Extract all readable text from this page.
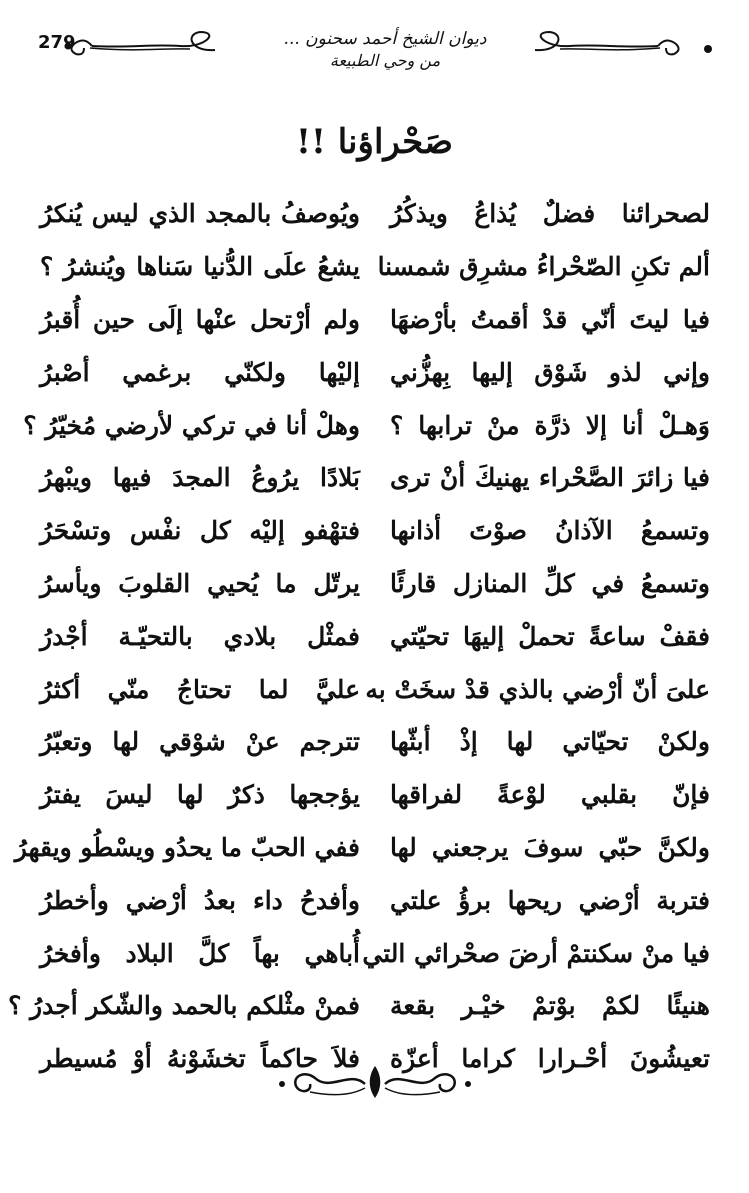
279	ديوان الشيخ أحمد سحنون ...
من وحي الطبيعة
صَحْراؤنا !!
لصحرائنا فضلٌ يُذاعُ ويذكُرُ
ويُوصفُ بالمجد الذي ليس يُنكرُ
ألم تكنِ الصّحْراءُ مشرِق شمسنا
يشعُ علَى الدُّنيا سَناها ويُنشرُ ؟
فيا ليتَ أنّي قدْ أقمتُ بأرْضهَا
ولم أرْتحل عنْها إلَى حين أُقبرُ
وإني لذو شَوْق إليها بِهزُّني
إليْها ولكنّي برغمي أصْبرُ
وَهـلْ أنا إلا ذرَّة منْ ترابها ؟
وهلْ أنا في تركي لأرضي مُخيّرُ ؟
فيا زائرَ الصَّحْراء يهنيكَ أنْ ترى
بَلادًا يرُوعُ المجدَ فيها ويبْهرُ
وتسمعُ الآذانُ صوْتَ أذانها
فتهْفو إليْه كل نفْس وتسْحَرُ
وتسمعُ في كلِّ المنازل قارئًا
يرتّل ما يُحيي القلوبَ ويأسرُ
فقفْ ساعةً تحملْ إليهَا تحيّتي
فمثْل بلادي بالتحيّـة أجْدرُ
علىَ أنّ أرْضي بالذي قدْ سخَتْ به
عليَّ لما تحتاجُ منّي أكثرُ
ولكنْ تحيّاتي لها إذْ أبثّها
تترجم عنْ شوْقي لها وتعبّرُ
فإنّ بقلبي لوْعةً لفراقها
يؤججها ذكرٌ لها ليسَ يفترُ
ولكنَّ حبّي سوفَ يرجعني لها
ففي الحبّ ما يحدُو ويسْطُو ويقهرُ
فتربة أرْضي ريحها برؤُ علتي
وأفدحُ داء بعدُ أرْضي وأخطرُ
فيا منْ سكنتمْ أرضَ صحْرائي التي
أُباهي بهاً كلَّ البلاد وأفخرُ
هنيئًا لكمْ بوْتمْ خيْـر بقعة
فمنْ مثْلكم بالحمد والشّكر أجدرُ ؟
تعيشُونَ أحْـرارا كراما أعزّة
فلاَ حاكماً تخشَوْنهُ أوْ مُسيطر
